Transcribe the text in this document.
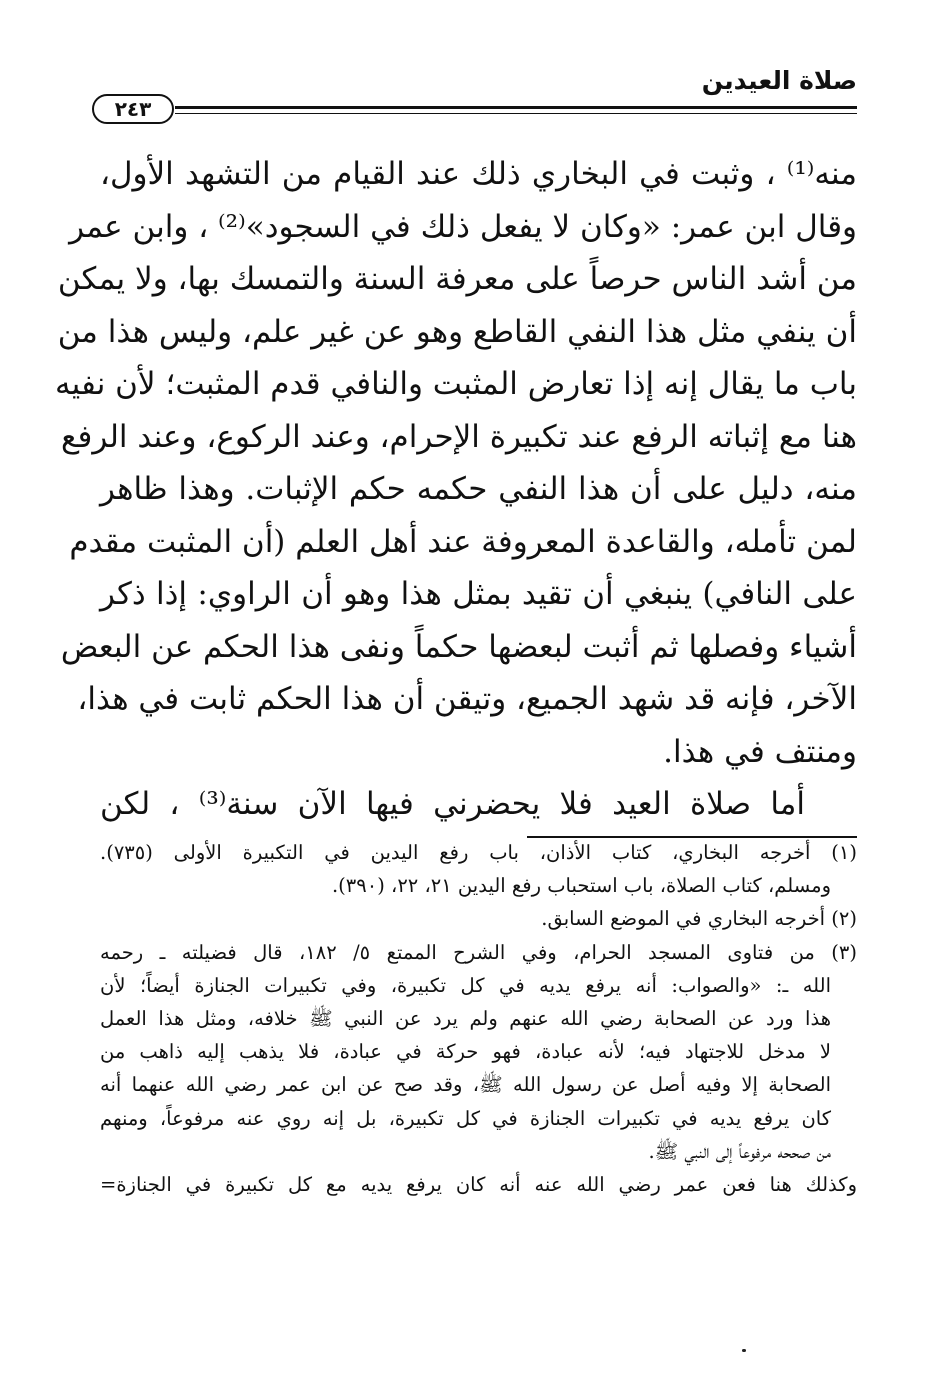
صلاة العيدين
٢٤٣
منه⁽¹⁾ ، وثبت في البخاري ذلك عند القيام من التشهد الأول،
وقال ابن عمر: «وكان لا يفعل ذلك في السجود»⁽²⁾ ، وابن عمر
من أشد الناس حرصاً على معرفة السنة والتمسك بها، ولا يمكن
أن ينفي مثل هذا النفي القاطع وهو عن غير علم، وليس هذا من
باب ما يقال إنه إذا تعارض المثبت والنافي قدم المثبت؛ لأن نفيه
هنا مع إثباته الرفع عند تكبيرة الإحرام، وعند الركوع، وعند الرفع
منه، دليل على أن هذا النفي حكمه حكم الإثبات. وهذا ظاهر
لمن تأمله، والقاعدة المعروفة عند أهل العلم (أن المثبت مقدم
على النافي) ينبغي أن تقيد بمثل هذا وهو أن الراوي: إذا ذكر
أشياء وفصلها ثم أثبت لبعضها حكماً ونفى هذا الحكم عن البعض
الآخر، فإنه قد شهد الجميع، وتيقن أن هذا الحكم ثابت في هذا،
ومنتف في هذا.
أما صلاة العيد فلا يحضرني فيها الآن سنة⁽³⁾ ، لكن
(١) أخرجه البخاري، كتاب الأذان، باب رفع اليدين في التكبيرة الأولى (٧٣٥).
ومسلم، كتاب الصلاة، باب استحباب رفع اليدين ٢١، ٢٢، (٣٩٠).
(٢) أخرجه البخاري في الموضع السابق.
(٣) من فتاوى المسجد الحرام، وفي الشرح الممتع ٥/ ١٨٢، قال فضيلته ـ رحمه
الله ـ: «والصواب: أنه يرفع يديه في كل تكبيرة، وفي تكبيرات الجنازة أيضاً؛ لأن
هذا ورد عن الصحابة رضي الله عنهم ولم يرد عن النبي ﷺ خلافه، ومثل هذا العمل
لا مدخل للاجتهاد فيه؛ لأنه عبادة، فهو حركة في عبادة، فلا يذهب إليه ذاهب من
الصحابة إلا وفيه أصل عن رسول الله ﷺ، وقد صح عن ابن عمر رضي الله عنهما أنه
كان يرفع يديه في تكبيرات الجنازة في كل تكبيرة، بل إنه روي عنه مرفوعاً، ومنهم
من صححه مرفوعاً إلى النبي ﷺ.
وكذلك هنا فعن عمر رضي الله عنه أنه كان يرفع يديه مع كل تكبيرة في الجنازة=
